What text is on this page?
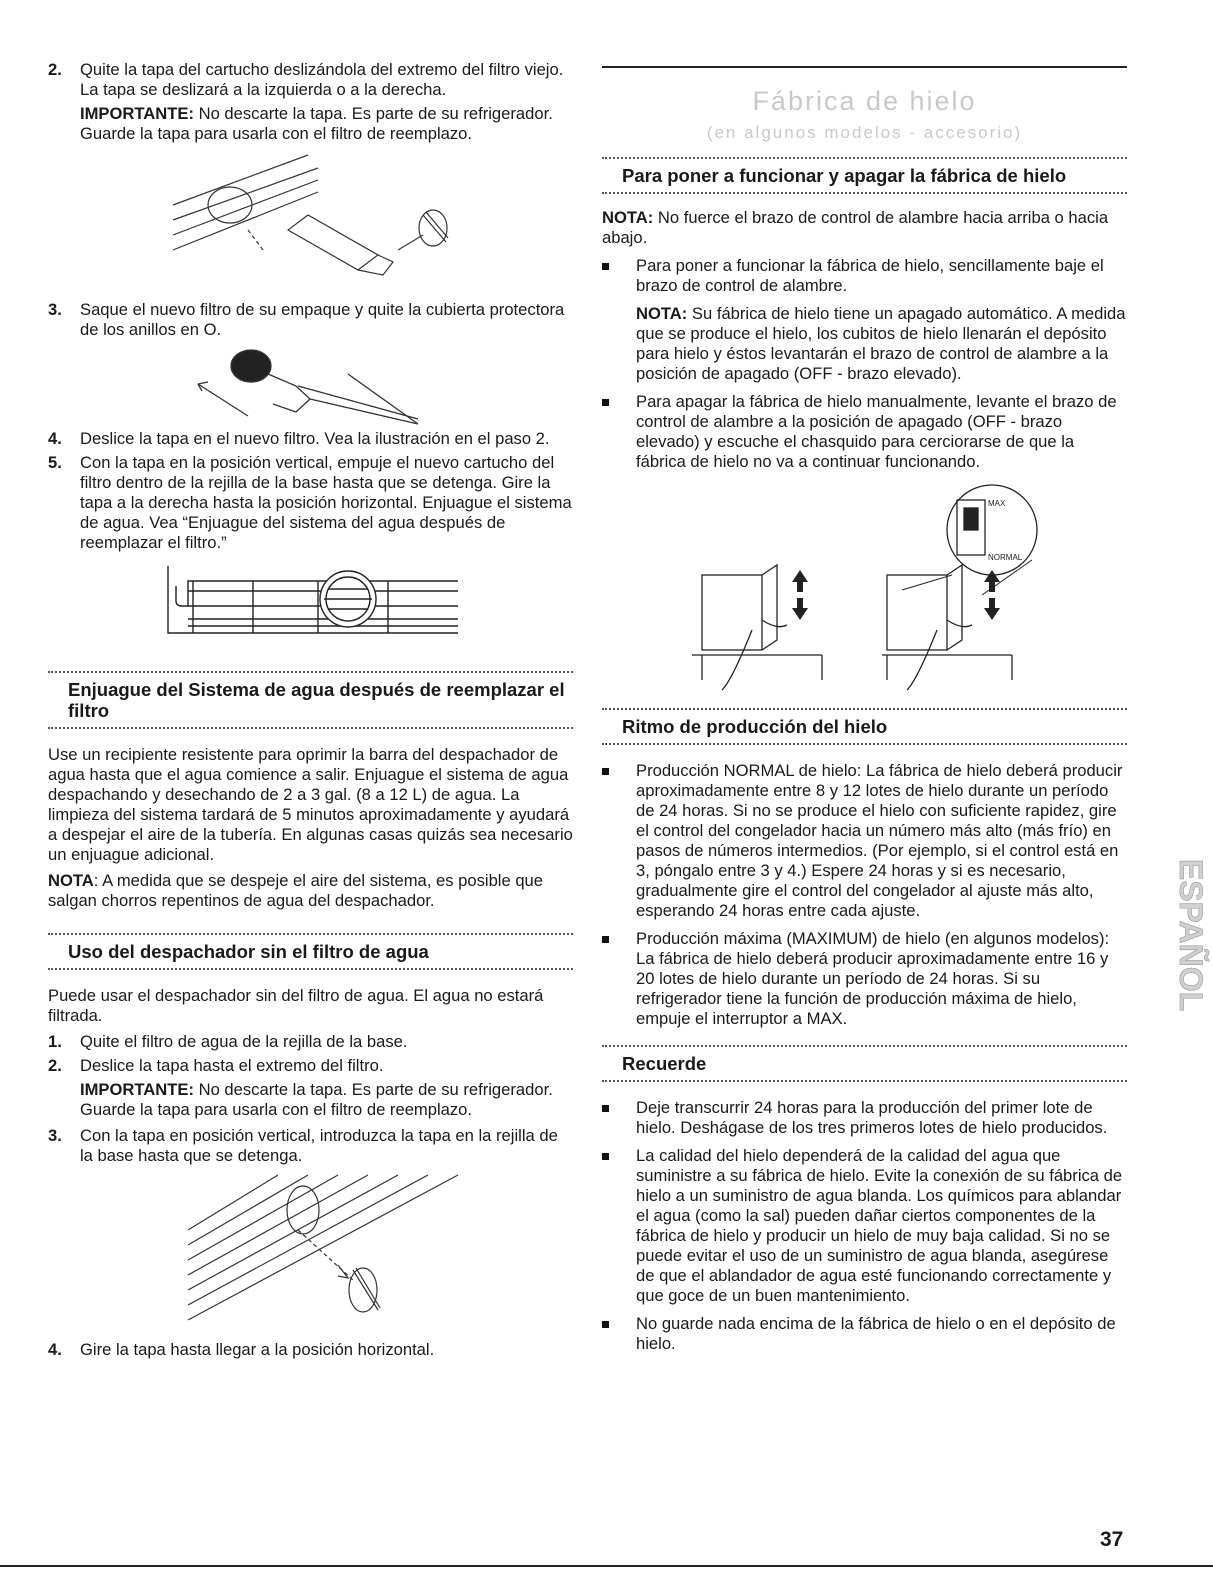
2. Quite la tapa del cartucho deslizándola del extremo del filtro viejo. La tapa se deslizará a la izquierda o a la derecha.
IMPORTANTE: No descarte la tapa. Es parte de su refrigerador. Guarde la tapa para usarla con el filtro de reemplazo.
3. Saque el nuevo filtro de su empaque y quite la cubierta protectora de los anillos en O.
4. Deslice la tapa en el nuevo filtro. Vea la ilustración en el paso 2.
5. Con la tapa en la posición vertical, empuje el nuevo cartucho del filtro dentro de la rejilla de la base hasta que se detenga. Gire la tapa a la derecha hasta la posición horizontal. Enjuague el sistema de agua. Vea “Enjuague del sistema del agua después de reemplazar el filtro.”
Enjuague del Sistema de agua después de reemplazar el filtro
Use un recipiente resistente para oprimir la barra del despachador de agua hasta que el agua comience a salir. Enjuague el sistema de agua despachando y desechando de 2 a 3 gal. (8 a 12 L) de agua. La limpieza del sistema tardará de 5 minutos aproximadamente y ayudará a despejar el aire de la tubería. En algunas casas quizás sea necesario un enjuague adicional.
NOTA: A medida que se despeje el aire del sistema, es posible que salgan chorros repentinos de agua del despachador.
Uso del despachador sin el filtro de agua
Puede usar el despachador sin del filtro de agua. El agua no estará filtrada.
1. Quite el filtro de agua de la rejilla de la base.
2. Deslice la tapa hasta el extremo del filtro.
IMPORTANTE: No descarte la tapa. Es parte de su refrigerador. Guarde la tapa para usarla con el filtro de reemplazo.
3. Con la tapa en posición vertical, introduzca la tapa en la rejilla de la base hasta que se detenga.
4. Gire la tapa hasta llegar a la posición horizontal.
Fábrica de hielo
(en algunos modelos - accesorio)
Para poner a funcionar y apagar la fábrica de hielo
NOTA: No fuerce el brazo de control de alambre hacia arriba o hacia abajo.
Para poner a funcionar la fábrica de hielo, sencillamente baje el brazo de control de alambre.
NOTA: Su fábrica de hielo tiene un apagado automático. A medida que se produce el hielo, los cubitos de hielo llenarán el depósito para hielo y éstos levantarán el brazo de control de alambre a la posición de apagado (OFF - brazo elevado).
Para apagar la fábrica de hielo manualmente, levante el brazo de control de alambre a la posición de apagado (OFF - brazo elevado) y escuche el chasquido para cerciorarse de que la fábrica de hielo no va a continuar funcionando.
MAX
NORMAL
Ritmo de producción del hielo
Producción NORMAL de hielo: La fábrica de hielo deberá producir aproximadamente entre 8 y 12 lotes de hielo durante un período de 24 horas. Si no se produce el hielo con suficiente rapidez, gire el control del congelador hacia un número más alto (más frío) en pasos de números intermedios. (Por ejemplo, si el control está en 3, póngalo entre 3 y 4.) Espere 24 horas y si es necesario, gradualmente gire el control del congelador al ajuste más alto, esperando 24 horas entre cada ajuste.
Producción máxima (MAXIMUM) de hielo (en algunos modelos): La fábrica de hielo deberá producir aproximadamente entre 16 y 20 lotes de hielo durante un período de 24 horas. Si su refrigerador tiene la función de producción máxima de hielo, empuje el interruptor a MAX.
Recuerde
Deje transcurrir 24 horas para la producción del primer lote de hielo. Deshágase de los tres primeros lotes de hielo producidos.
La calidad del hielo dependerá de la calidad del agua que suministre a su fábrica de hielo. Evite la conexión de su fábrica de hielo a un suministro de agua blanda. Los químicos para ablandar el agua (como la sal) pueden dañar ciertos componentes de la fábrica de hielo y producir un hielo de muy baja calidad. Si no se puede evitar el uso de un suministro de agua blanda, asegúrese de que el ablandador de agua esté funcionando correctamente y que goce de un buen mantenimiento.
No guarde nada encima de la fábrica de hielo o en el depósito de hielo.
ESPAÑOL
37
